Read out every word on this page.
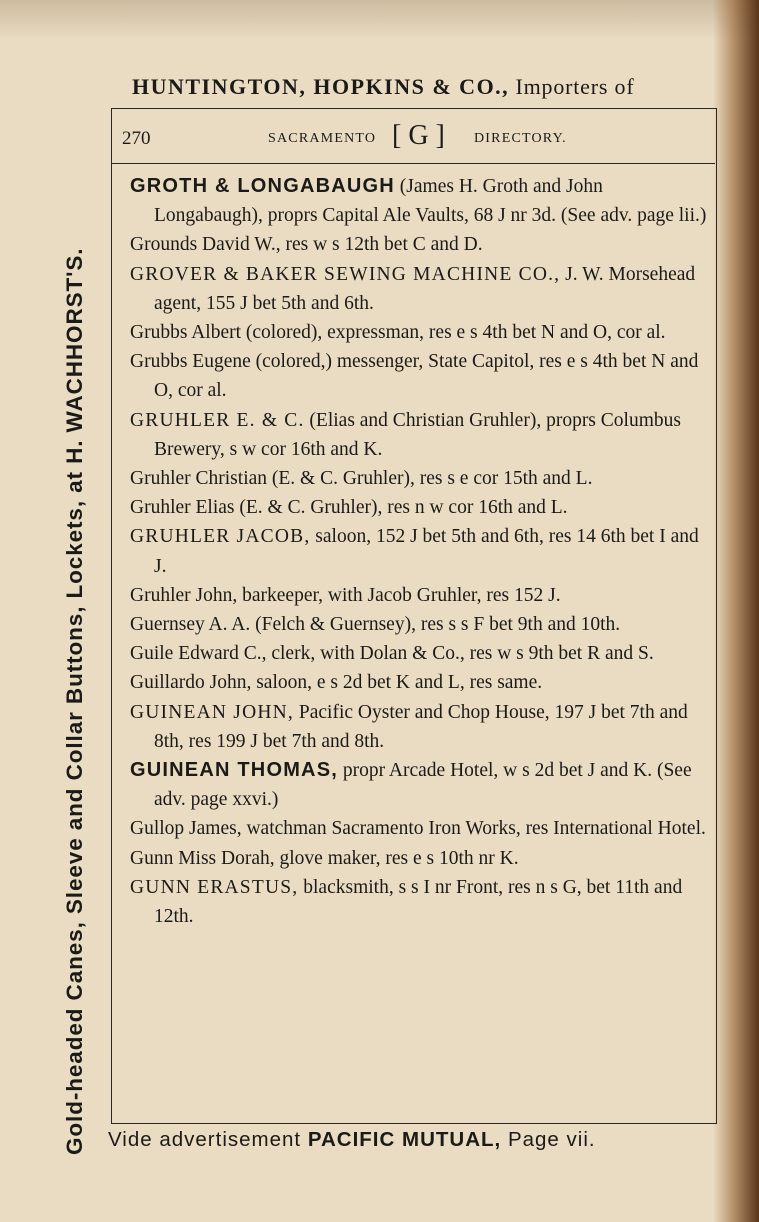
HUNTINGTON, HOPKINS & CO., Importers of
Gold-headed Canes, Sleeve and Collar Buttons, Lockets, at H. WACHHORST'S.
270	SACRAMENTO [ G ] DIRECTORY.

GROTH & LONGABAUGH (James H. Groth and John Longabaugh), proprs Capital Ale Vaults, 68 J nr 3d. (See adv. page lii.)

Grounds David W., res w s 12th bet C and D.

GROVER & BAKER SEWING MACHINE CO., J. W. Morsehead agent, 155 J bet 5th and 6th.

Grubbs Albert (colored), expressman, res e s 4th bet N and O, cor al.

Grubbs Eugene (colored,) messenger, State Capitol, res e s 4th bet N and O, cor al.

GRUHLER E. & C. (Elias and Christian Gruhler), proprs Columbus Brewery, s w cor 16th and K.

Gruhler Christian (E. & C. Gruhler), res s e cor 15th and L.

Gruhler Elias (E. & C. Gruhler), res n w cor 16th and L.

GRUHLER JACOB, saloon, 152 J bet 5th and 6th, res 14 6th bet I and J.

Gruhler John, barkeeper, with Jacob Gruhler, res 152 J.

Guernsey A. A. (Felch & Guernsey), res s s F bet 9th and 10th.

Guile Edward C., clerk, with Dolan & Co., res w s 9th bet R and S.

Guillardo John, saloon, e s 2d bet K and L, res same.

GUINEAN JOHN, Pacific Oyster and Chop House, 197 J bet 7th and 8th, res 199 J bet 7th and 8th.

GUINEAN THOMAS, propr Arcade Hotel, w s 2d bet J and K. (See adv. page xxvi.)

Gullop James, watchman Sacramento Iron Works, res International Hotel.

Gunn Miss Dorah, glove maker, res e s 10th nr K.

GUNN ERASTUS, blacksmith, s s I nr Front, res n s G, bet 11th and 12th.

Vide advertisement PACIFIC MUTUAL, Page vii.
